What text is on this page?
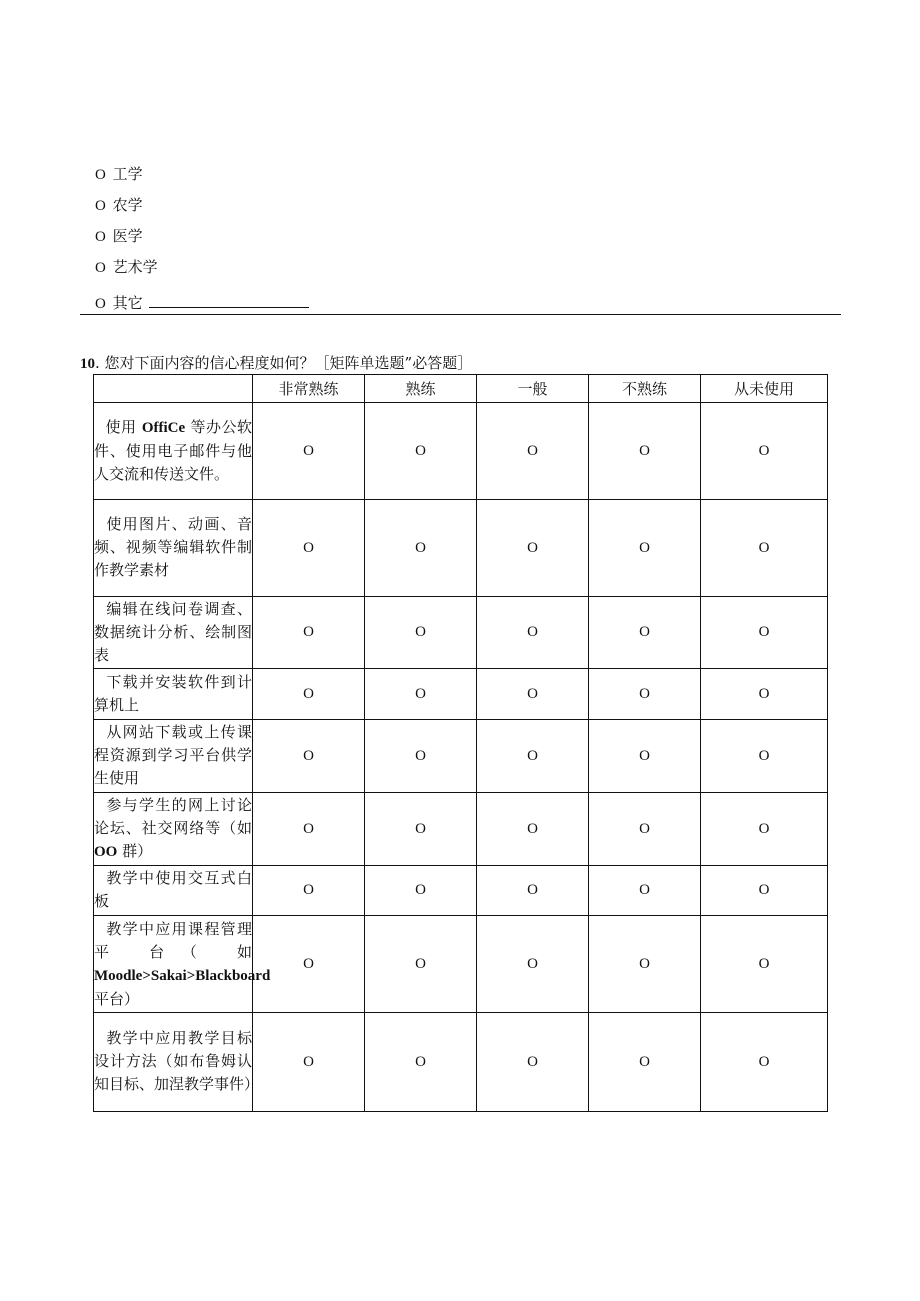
O 工学
O 农学
O 医学
O 艺术学
O 其它
10. 您对下面内容的信心程度如何？［矩阵单选题”必答题］
	非常熟练	熟练	一般	不熟练	从未使用
使用 OffiCe 等办公软件、使用电子邮件与他人交流和传送文件。	O	O	O	O	O
使用图片、动画、音频、视频等编辑软件制作教学素材	O	O	O	O	O
编辑在线问卷调查、数据统计分析、绘制图表	O	O	O	O	O
下载并安装软件到计算机上	O	O	O	O	O
从网站下载或上传课程资源到学习平台供学生使用	O	O	O	O	O
参与学生的网上讨论论坛、社交网络等（如 OO 群）	O	O	O	O	O
教学中使用交互式白板	O	O	O	O	O
教学中应用课程管理 平 台（ 如 Moodle>Sakai>Blackboard 平台）	O	O	O	O	O
教学中应用教学目标设计方法（如布鲁姆认知目标、加涅教学事件）	O	O	O	O	O
